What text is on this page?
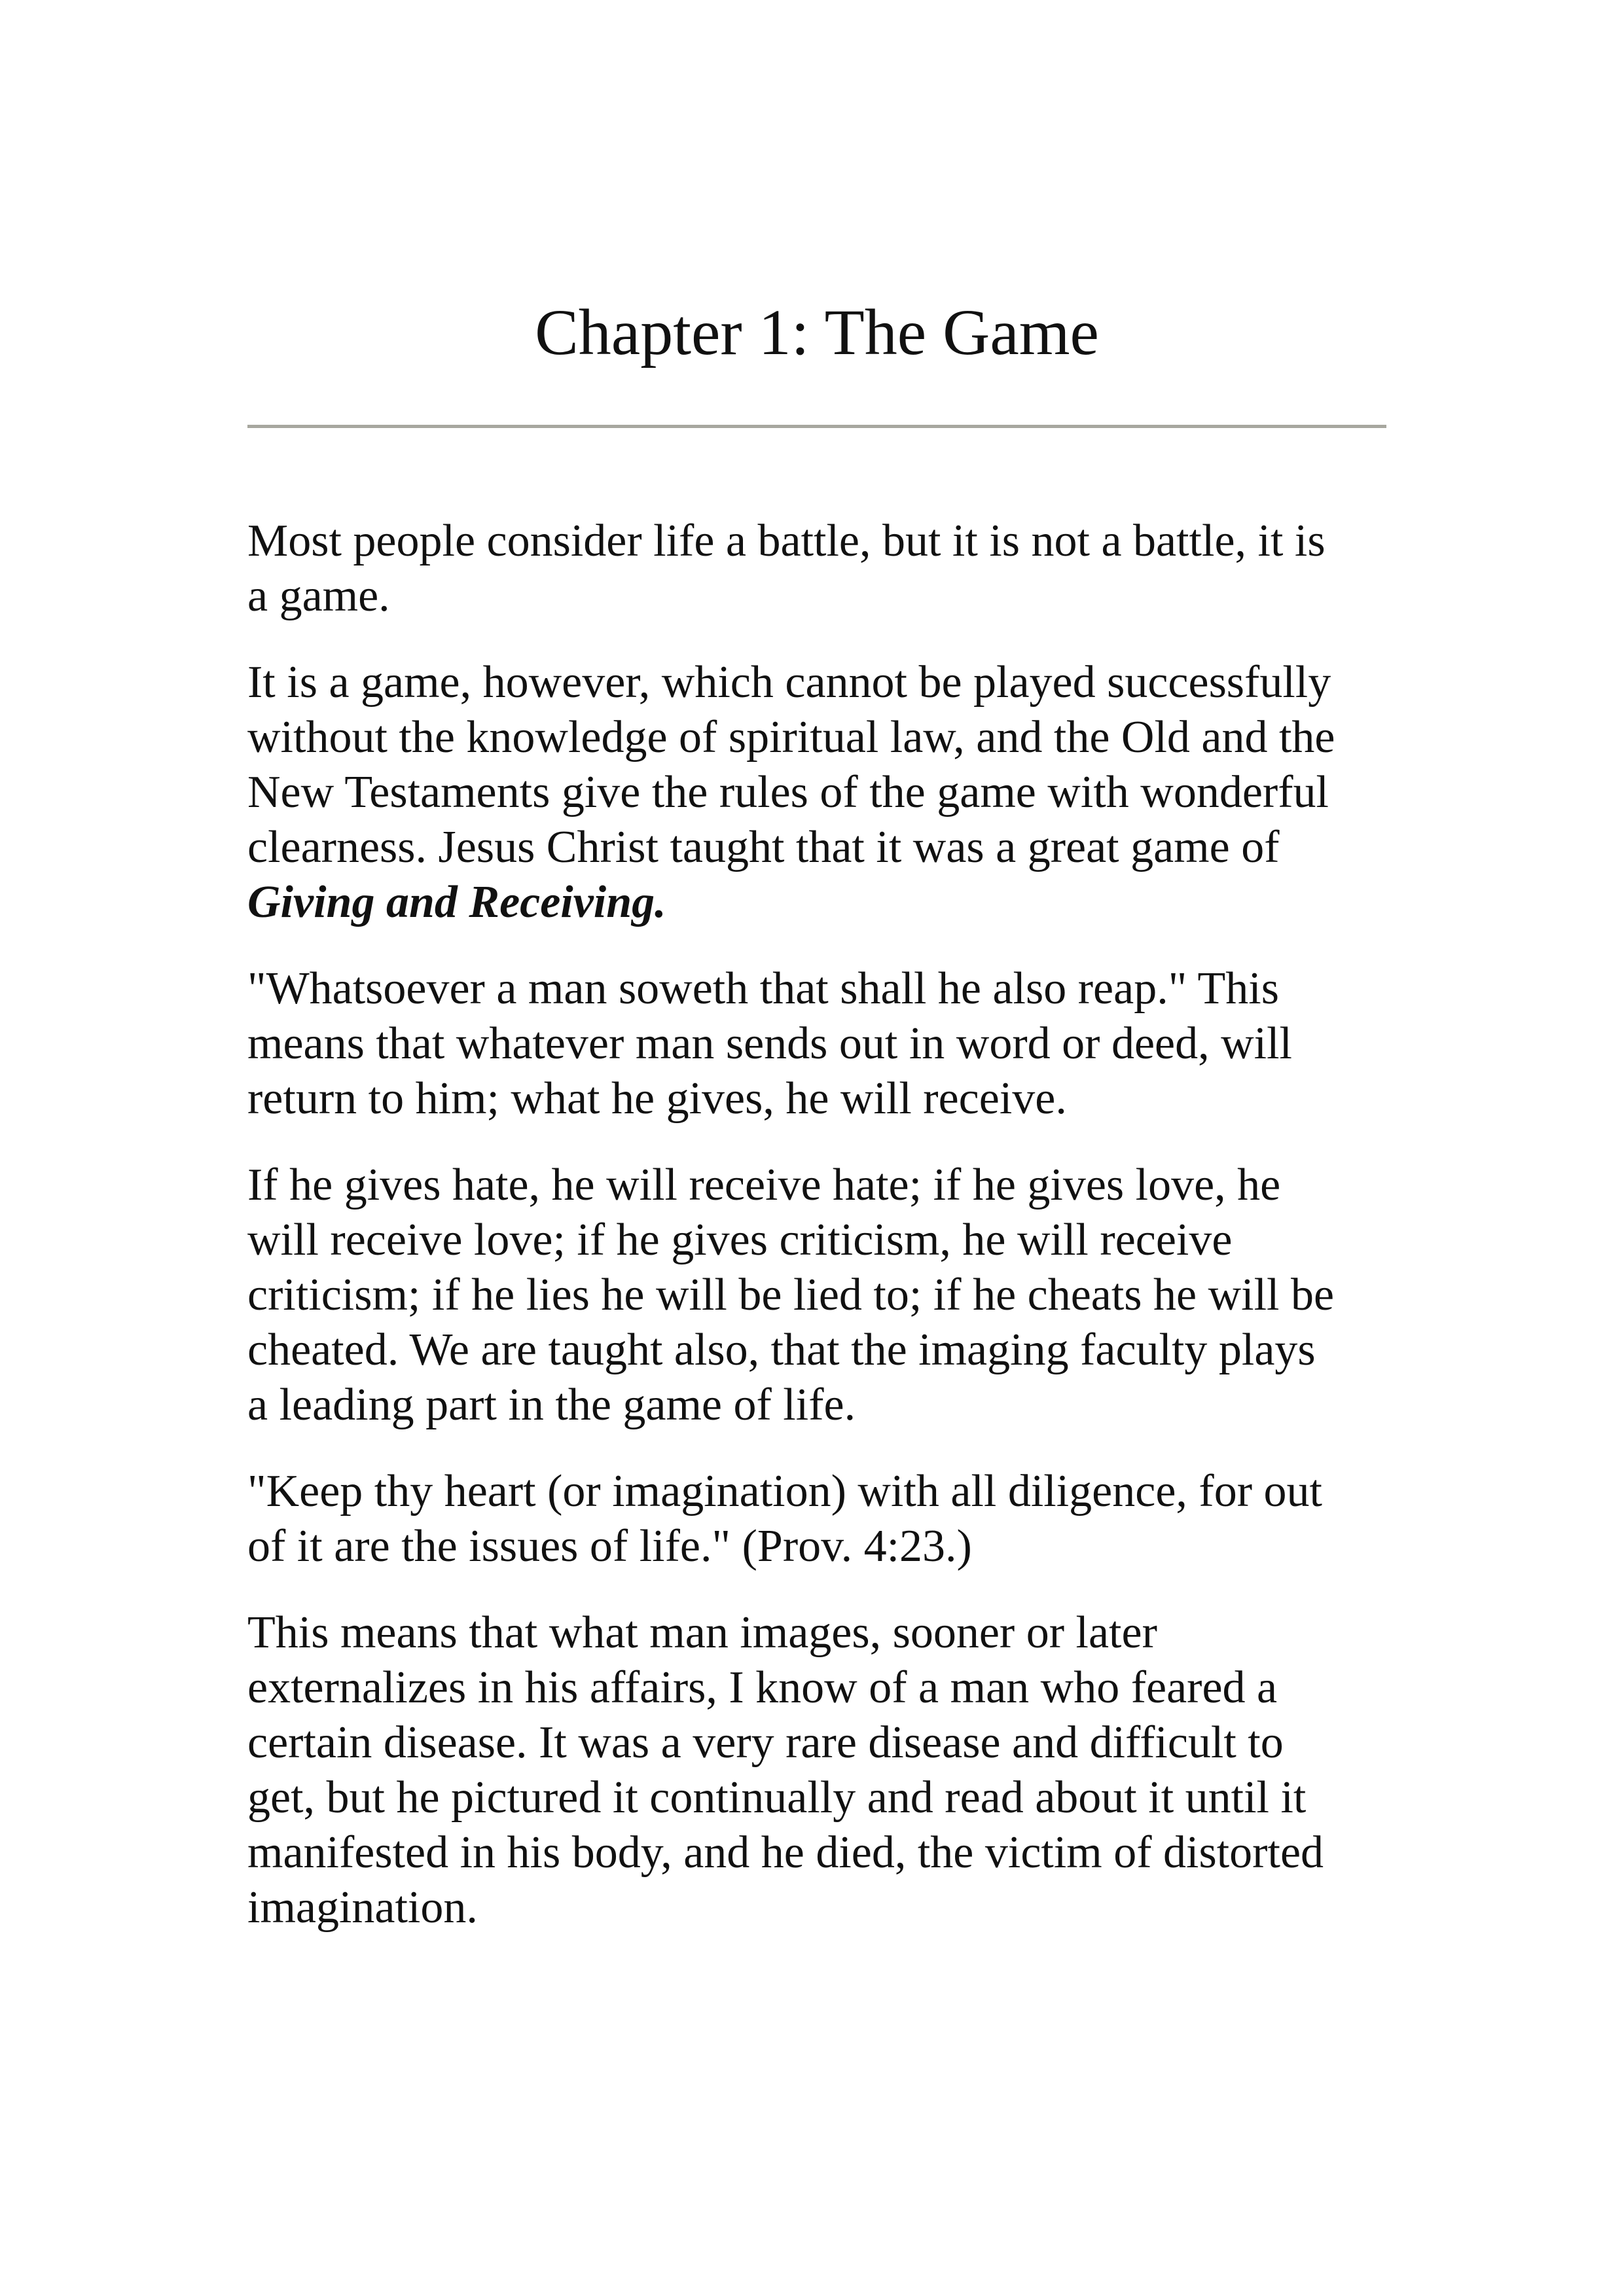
Chapter 1: The Game

Most people consider life a battle, but it is not a battle, it is
a game.

It is a game, however, which cannot be played successfully
without the knowledge of spiritual law, and the Old and the
New Testaments give the rules of the game with wonderful
clearness. Jesus Christ taught that it was a great game of
Giving and Receiving.

"Whatsoever a man soweth that shall he also reap." This
means that whatever man sends out in word or deed, will
return to him; what he gives, he will receive.

If he gives hate, he will receive hate; if he gives love, he
will receive love; if he gives criticism, he will receive
criticism; if he lies he will be lied to; if he cheats he will be
cheated. We are taught also, that the imaging faculty plays
a leading part in the game of life.

"Keep thy heart (or imagination) with all diligence, for out
of it are the issues of life." (Prov. 4:23.)

This means that what man images, sooner or later
externalizes in his affairs, I know of a man who feared a
certain disease. It was a very rare disease and difficult to
get, but he pictured it continually and read about it until it
manifested in his body, and he died, the victim of distorted
imagination.
